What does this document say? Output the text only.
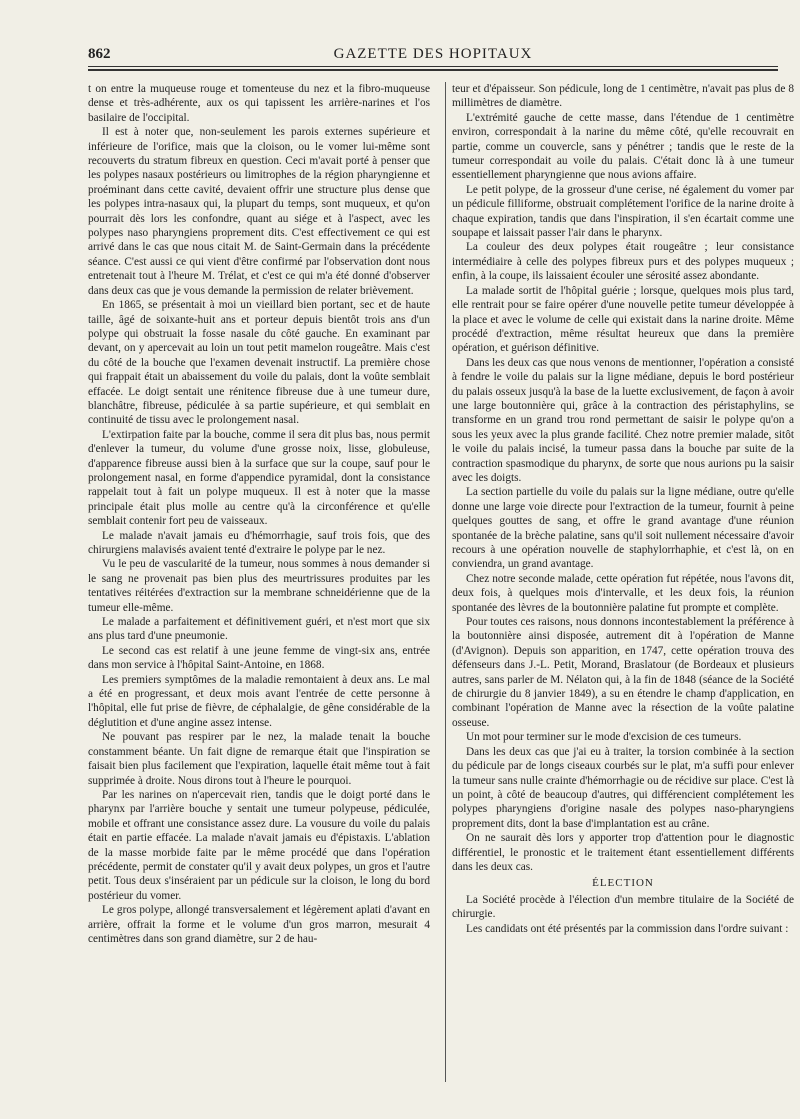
862	GAZETTE DES HOPITAUX

t on entre la muqueuse rouge et tomenteuse du nez et la fibro-muqueuse dense et très-adhérente, aux os qui tapissent les arrière-narines et l'os basilaire de l'occipital.

Il est à noter que, non-seulement les parois externes supérieure et inférieure de l'orifice, mais que la cloison, ou le vomer lui-même sont recouverts du stratum fibreux en question. Ceci m'avait porté à penser que les polypes nasaux postérieurs ou limitrophes de la région pharyngienne et proéminant dans cette cavité, devaient offrir une structure plus dense que les polypes intra-nasaux qui, la plupart du temps, sont muqueux, et qu'on pourrait dès lors les confondre, quant au siége et à l'aspect, avec les polypes naso pharyngiens proprement dits. C'est effectivement ce qui est arrivé dans le cas que nous citait M. de Saint-Germain dans la précédente séance. C'est aussi ce qui vient d'être confirmé par l'observation dont nous entretenait tout à l'heure M. Trélat, et c'est ce qui m'a été donné d'observer dans deux cas que je vous demande la permission de relater brièvement.

En 1865, se présentait à moi un vieillard bien portant, sec et de haute taille, âgé de soixante-huit ans et porteur depuis bientôt trois ans d'un polype qui obstruait la fosse nasale du côté gauche. En examinant par devant, on y apercevait au loin un tout petit mamelon rougeâtre. Mais c'est du côté de la bouche que l'examen devenait instructif. La première chose qui frappait était un abaissement du voile du palais, dont la voûte semblait effacée. Le doigt sentait une rénitence fibreuse due à une tumeur dure, blanchâtre, fibreuse, pédiculée à sa partie supérieure, et qui semblait en continuité de tissu avec le prolongement nasal.

L'extirpation faite par la bouche, comme il sera dit plus bas, nous permit d'enlever la tumeur, du volume d'une grosse noix, lisse, globuleuse, d'apparence fibreuse aussi bien à la surface que sur la coupe, sauf pour le prolongement nasal, en forme d'appendice pyramidal, dont la consistance rappelait tout à fait un polype muqueux. Il est à noter que la masse principale était plus molle au centre qu'à la circonférence et qu'elle semblait contenir fort peu de vaisseaux.

Le malade n'avait jamais eu d'hémorrhagie, sauf trois fois, que des chirurgiens malavisés avaient tenté d'extraire le polype par le nez.

Vu le peu de vascularité de la tumeur, nous sommes à nous demander si le sang ne provenait pas bien plus des meurtrissures produites par les tentatives réitérées d'extraction sur la membrane schneidérienne que de la tumeur elle-même.

Le malade a parfaitement et définitivement guéri, et n'est mort que six ans plus tard d'une pneumonie.

Le second cas est relatif à une jeune femme de vingt-six ans, entrée dans mon service à l'hôpital Saint-Antoine, en 1868.

Les premiers symptômes de la maladie remontaient à deux ans. Le mal a été en progressant, et deux mois avant l'entrée de cette personne à l'hôpital, elle fut prise de fièvre, de céphalalgie, de gêne considérable de la déglutition et d'une angine assez intense.

Ne pouvant pas respirer par le nez, la malade tenait la bouche constamment béante. Un fait digne de remarque était que l'inspiration se faisait bien plus facilement que l'expiration, laquelle était même tout à fait supprimée à droite. Nous dirons tout à l'heure le pourquoi.

Par les narines on n'apercevait rien, tandis que le doigt porté dans le pharynx par l'arrière bouche y sentait une tumeur polypeuse, pédiculée, mobile et offrant une consistance assez dure. La vousure du voile du palais était en partie effacée. La malade n'avait jamais eu d'épistaxis. L'ablation de la masse morbide faite par le même procédé que dans l'opération précédente, permit de constater qu'il y avait deux polypes, un gros et l'autre petit. Tous deux s'inséraient par un pédicule sur la cloison, le long du bord postérieur du vomer.

Le gros polype, allongé transversalement et légèrement aplati d'avant en arrière, offrait la forme et le volume d'un gros marron, mesurait 4 centimètres dans son grand diamètre, sur 2 de hau-

teur et d'épaisseur. Son pédicule, long de 1 centimètre, n'avait pas plus de 8 millimètres de diamètre.

L'extrémité gauche de cette masse, dans l'étendue de 1 centimètre environ, correspondait à la narine du même côté, qu'elle recouvrait en partie, comme un couvercle, sans y pénétrer ; tandis que le reste de la tumeur correspondait au voile du palais. C'était donc là à une tumeur essentiellement pharyngienne que nous avions affaire.

Le petit polype, de la grosseur d'une cerise, né également du vomer par un pédicule filliforme, obstruait complétement l'orifice de la narine droite à chaque expiration, tandis que dans l'inspiration, il s'en écartait comme une soupape et laissait passer l'air dans le pharynx.

La couleur des deux polypes était rougeâtre ; leur consistance intermédiaire à celle des polypes fibreux purs et des polypes muqueux ; enfin, à la coupe, ils laissaient écouler une sérosité assez abondante.

La malade sortit de l'hôpital guérie ; lorsque, quelques mois plus tard, elle rentrait pour se faire opérer d'une nouvelle petite tumeur développée à la place et avec le volume de celle qui existait dans la narine droite. Même procédé d'extraction, même résultat heureux que dans la première opération, et guérison définitive.

Dans les deux cas que nous venons de mentionner, l'opération a consisté à fendre le voile du palais sur la ligne médiane, depuis le bord postérieur du palais osseux jusqu'à la base de la luette exclusivement, de façon à avoir une large boutonnière qui, grâce à la contraction des péristaphylins, se transforme en un grand trou rond permettant de saisir le polype qu'on a sous les yeux avec la plus grande facilité. Chez notre premier malade, sitôt le voile du palais incisé, la tumeur passa dans la bouche par suite de la contraction spasmodique du pharynx, de sorte que nous aurions pu la saisir avec les doigts.

La section partielle du voile du palais sur la ligne médiane, outre qu'elle donne une large voie directe pour l'extraction de la tumeur, fournit à peine quelques gouttes de sang, et offre le grand avantage d'une réunion spontanée de la brèche palatine, sans qu'il soit nullement nécessaire d'avoir recours à une opération nouvelle de staphylorrhaphie, et c'est là, on en conviendra, un grand avantage.

Chez notre seconde malade, cette opération fut répétée, nous l'avons dit, deux fois, à quelques mois d'intervalle, et les deux fois, la réunion spontanée des lèvres de la boutonnière palatine fut prompte et complète.

Pour toutes ces raisons, nous donnons incontestablement la préférence à la boutonnière ainsi disposée, autrement dit à l'opération de Manne (d'Avignon). Depuis son apparition, en 1747, cette opération trouva des défenseurs dans J.-L. Petit, Morand, Braslatour (de Bordeaux et plusieurs autres, sans parler de M. Nélaton qui, à la fin de 1848 (séance de la Société de chirurgie du 8 janvier 1849), a su en étendre le champ d'application, en combinant l'opération de Manne avec la résection de la voûte palatine osseuse.

Un mot pour terminer sur le mode d'excision de ces tumeurs.

Dans les deux cas que j'ai eu à traiter, la torsion combinée à la section du pédicule par de longs ciseaux courbés sur le plat, m'a suffi pour enlever la tumeur sans nulle crainte d'hémorrhagie ou de récidive sur place. C'est là un point, à côté de beaucoup d'autres, qui différencient complétement les polypes pharyngiens d'origine nasale des polypes naso-pharyngiens proprement dits, dont la base d'implantation est au crâne.

On ne saurait dès lors y apporter trop d'attention pour le diagnostic différentiel, le pronostic et le traitement étant essentiellement différents dans les deux cas.

ÉLECTION

La Société procède à l'élection d'un membre titulaire de la Société de chirurgie.

Les candidats ont été présentés par la commission dans l'ordre suivant :
